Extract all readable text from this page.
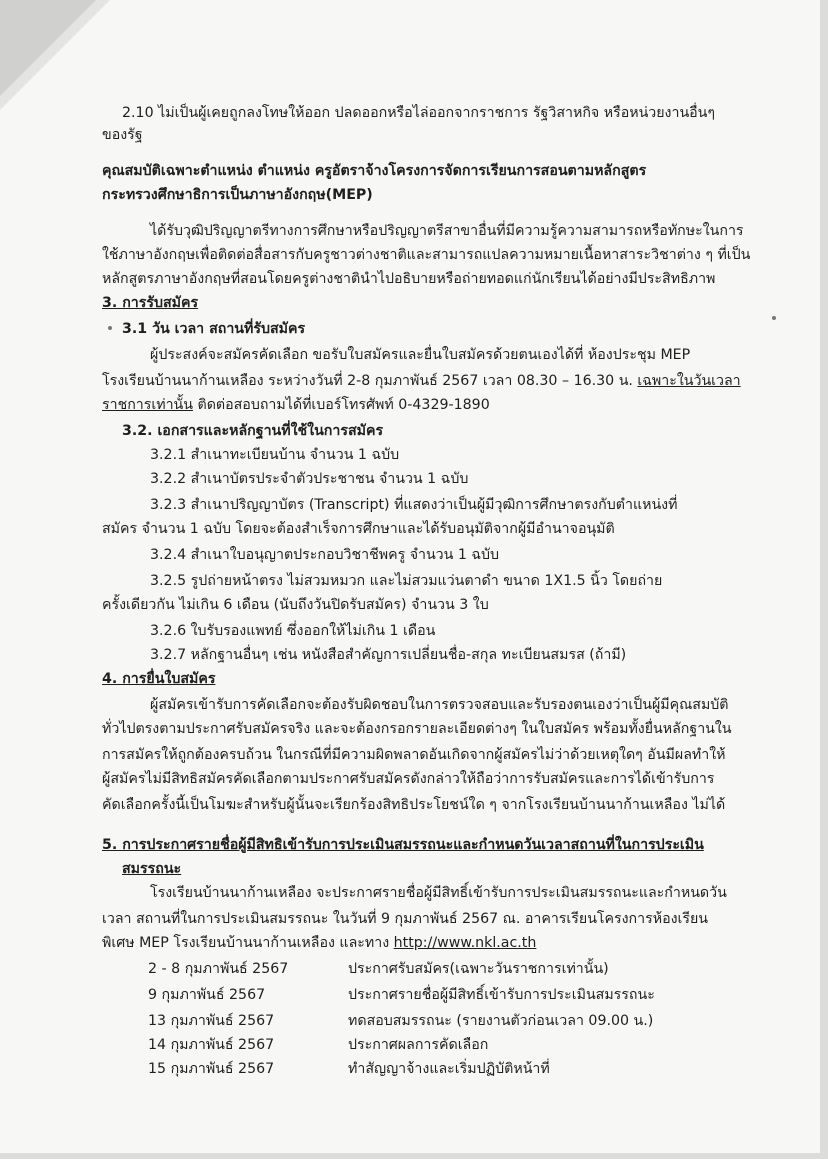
2.10 ไม่เป็นผู้เคยถูกลงโทษให้ออก ปลดออกหรือไล่ออกจากราชการ รัฐวิสาหกิจ หรือหน่วยงานอื่นๆ
ของรัฐ
คุณสมบัติเฉพาะตำแหน่ง ตำแหน่ง ครูอัตราจ้างโครงการจัดการเรียนการสอนตามหลักสูตร
กระทรวงศึกษาธิการเป็นภาษาอังกฤษ(MEP)
ได้รับวุฒิปริญญาตรีทางการศึกษาหรือปริญญาตรีสาขาอื่นที่มีความรู้ความสามารถหรือทักษะในการ
ใช้ภาษาอังกฤษเพื่อติดต่อสื่อสารกับครูชาวต่างชาติและสามารถแปลความหมายเนื้อหาสาระวิชาต่าง ๆ ที่เป็น
หลักสูตรภาษาอังกฤษที่สอนโดยครูต่างชาตินำไปอธิบายหรือถ่ายทอดแก่นักเรียนได้อย่างมีประสิทธิภาพ
3. การรับสมัคร
3.1 วัน เวลา สถานที่รับสมัคร
ผู้ประสงค์จะสมัครคัดเลือก ขอรับใบสมัครและยื่นใบสมัครด้วยตนเองได้ที่ ห้องประชุม MEP
โรงเรียนบ้านนาก้านเหลือง ระหว่างวันที่ 2-8 กุมภาพันธ์ 2567 เวลา 08.30 – 16.30 น. เฉพาะในวันเวลา
ราชการเท่านั้น ติดต่อสอบถามได้ที่เบอร์โทรศัพท์ 0-4329-1890
3.2. เอกสารและหลักฐานที่ใช้ในการสมัคร
3.2.1 สำเนาทะเบียนบ้าน จำนวน 1 ฉบับ
3.2.2 สำเนาบัตรประจำตัวประชาชน จำนวน 1 ฉบับ
3.2.3 สำเนาปริญญาบัตร (Transcript) ที่แสดงว่าเป็นผู้มีวุฒิการศึกษาตรงกับตำแหน่งที่
สมัคร จำนวน 1 ฉบับ โดยจะต้องสำเร็จการศึกษาและได้รับอนุมัติจากผู้มีอำนาจอนุมัติ
3.2.4 สำเนาใบอนุญาตประกอบวิชาชีพครู จำนวน 1 ฉบับ
3.2.5 รูปถ่ายหน้าตรง ไม่สวมหมวก และไม่สวมแว่นตาดำ ขนาด 1X1.5 นิ้ว โดยถ่าย
ครั้งเดียวกัน ไม่เกิน 6 เดือน (นับถึงวันปิดรับสมัคร) จำนวน 3 ใบ
3.2.6 ใบรับรองแพทย์ ซึ่งออกให้ไม่เกิน 1 เดือน
3.2.7 หลักฐานอื่นๆ เช่น หนังสือสำคัญการเปลี่ยนชื่อ-สกุล ทะเบียนสมรส (ถ้ามี)
4. การยื่นใบสมัคร
ผู้สมัครเข้ารับการคัดเลือกจะต้องรับผิดชอบในการตรวจสอบและรับรองตนเองว่าเป็นผู้มีคุณสมบัติ
ทั่วไปตรงตามประกาศรับสมัครจริง และจะต้องกรอกรายละเอียดต่างๆ ในใบสมัคร พร้อมทั้งยื่นหลักฐานใน
การสมัครให้ถูกต้องครบถ้วน ในกรณีที่มีความผิดพลาดอันเกิดจากผู้สมัครไม่ว่าด้วยเหตุใดๆ อันมีผลทำให้
ผู้สมัครไม่มีสิทธิสมัครคัดเลือกตามประกาศรับสมัครดังกล่าวให้ถือว่าการรับสมัครและการได้เข้ารับการ
คัดเลือกครั้งนี้เป็นโมฆะสำหรับผู้นั้นจะเรียกร้องสิทธิประโยชน์ใด ๆ จากโรงเรียนบ้านนาก้านเหลือง ไม่ได้
5. การประกาศรายชื่อผู้มีสิทธิเข้ารับการประเมินสมรรถนะและกำหนดวันเวลาสถานที่ในการประเมิน
สมรรถนะ
โรงเรียนบ้านนาก้านเหลือง จะประกาศรายชื่อผู้มีสิทธิ์เข้ารับการประเมินสมรรถนะและกำหนดวัน
เวลา สถานที่ในการประเมินสมรรถนะ ในวันที่ 9 กุมภาพันธ์ 2567 ณ. อาคารเรียนโครงการห้องเรียน
พิเศษ MEP โรงเรียนบ้านนาก้านเหลือง และทาง http://www.nkl.ac.th
2 - 8 กุมภาพันธ์ 2567	ประกาศรับสมัคร(เฉพาะวันราชการเท่านั้น)
9 กุมภาพันธ์ 2567	ประกาศรายชื่อผู้มีสิทธิ์เข้ารับการประเมินสมรรถนะ
13 กุมภาพันธ์ 2567	ทดสอบสมรรถนะ (รายงานตัวก่อนเวลา 09.00 น.)
14 กุมภาพันธ์ 2567	ประกาศผลการคัดเลือก
15 กุมภาพันธ์ 2567	ทำสัญญาจ้างและเริ่มปฏิบัติหน้าที่
